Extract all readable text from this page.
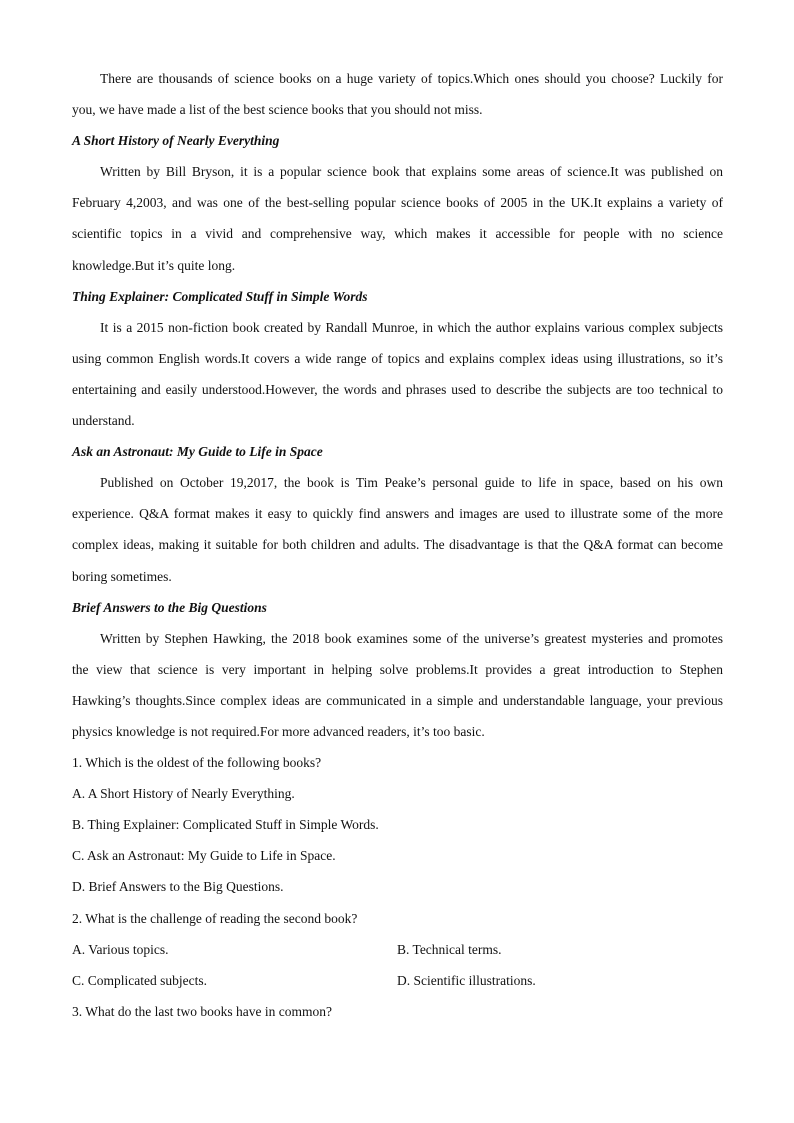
There are thousands of science books on a huge variety of topics.Which ones should you choose? Luckily for
you, we have made a list of the best science books that you should not miss.
A Short History of Nearly Everything
Written by Bill Bryson, it is a popular science book that explains some areas of science.It was published on
February 4,2003, and was one of the best-selling popular science books of 2005 in the UK.It explains a variety of
scientific topics in a vivid and comprehensive way, which makes it accessible for people with no science
knowledge.But it’s quite long.
Thing Explainer: Complicated Stuff in Simple Words
It is a 2015 non-fiction book created by Randall Munroe, in which the author explains various complex subjects
using common English words.It covers a wide range of topics and explains complex ideas using illustrations, so it’s
entertaining and easily understood.However, the words and phrases used to describe the subjects are too technical to
understand.
Ask an Astronaut: My Guide to Life in Space
Published on October 19,2017, the book is Tim Peake’s personal guide to life in space, based on his own
experience. Q&A format makes it easy to quickly find answers and images are used to illustrate some of the more
complex ideas, making it suitable for both children and adults. The disadvantage is that the Q&A format can become
boring sometimes.
Brief Answers to the Big Questions
Written by Stephen Hawking, the 2018 book examines some of the universe’s greatest mysteries and promotes
the view that science is very important in helping solve problems.It provides a great introduction to Stephen
Hawking’s thoughts.Since complex ideas are communicated in a simple and understandable language, your previous
physics knowledge is not required.For more advanced readers, it’s too basic.
1. Which is the oldest of the following books?
A. A Short History of Nearly Everything.
B. Thing Explainer: Complicated Stuff in Simple Words.
C. Ask an Astronaut: My Guide to Life in Space.
D. Brief Answers to the Big Questions.
2. What is the challenge of reading the second book?
A. Various topics.	B. Technical terms.
C. Complicated subjects.	D. Scientific illustrations.
3. What do the last two books have in common?
